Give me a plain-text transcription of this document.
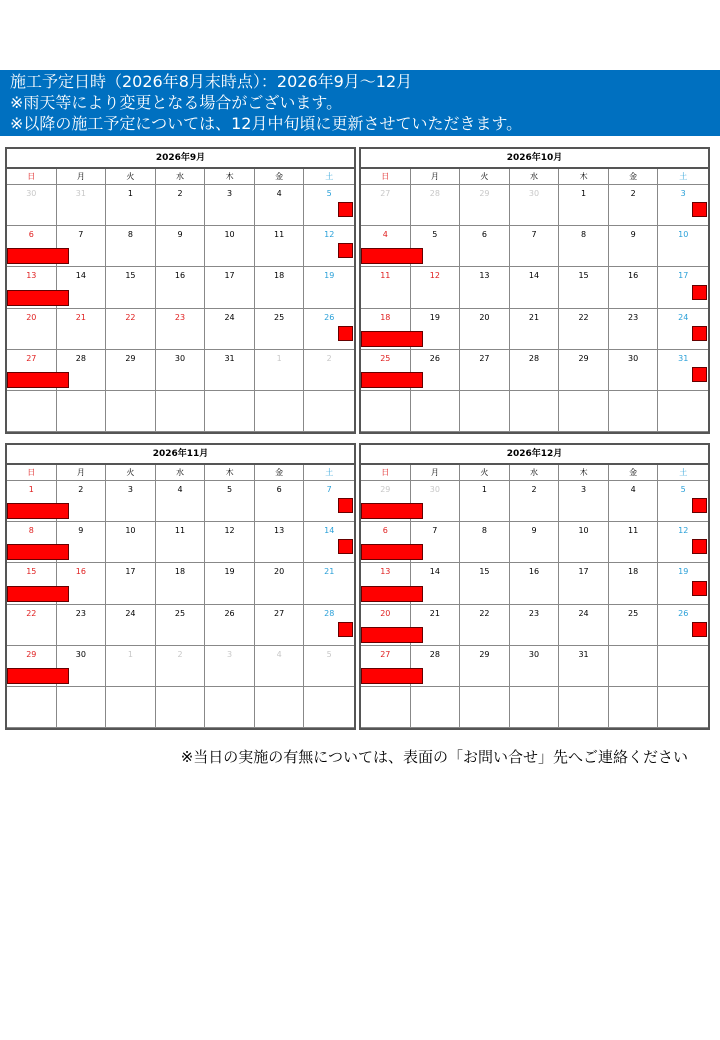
施工予定日時（2026年8月末時点）：2026年9月～12月
※雨天等により変更となる場合がございます。
※以降の施工予定については、12月中旬頃に更新させていただきます。
2026年9月
日	月	火	水	木	金	土
30	31	1	2	3	4	5
6	7	8	9	10	11	12
13	14	15	16	17	18	19
20	21	22	23	24	25	26
27	28	29	30	31	1	2
2026年10月
日	月	火	水	木	金	土
27	28	29	30	1	2	3
4	5	6	7	8	9	10
11	12	13	14	15	16	17
18	19	20	21	22	23	24
25	26	27	28	29	30	31
2026年11月
日	月	火	水	木	金	土
1	2	3	4	5	6	7
8	9	10	11	12	13	14
15	16	17	18	19	20	21
22	23	24	25	26	27	28
29	30	1	2	3	4	5
2026年12月
日	月	火	水	木	金	土
29	30	1	2	3	4	5
6	7	8	9	10	11	12
13	14	15	16	17	18	19
20	21	22	23	24	25	26
27	28	29	30	31
※当日の実施の有無については、表面の「お問い合せ」先へご連絡ください
